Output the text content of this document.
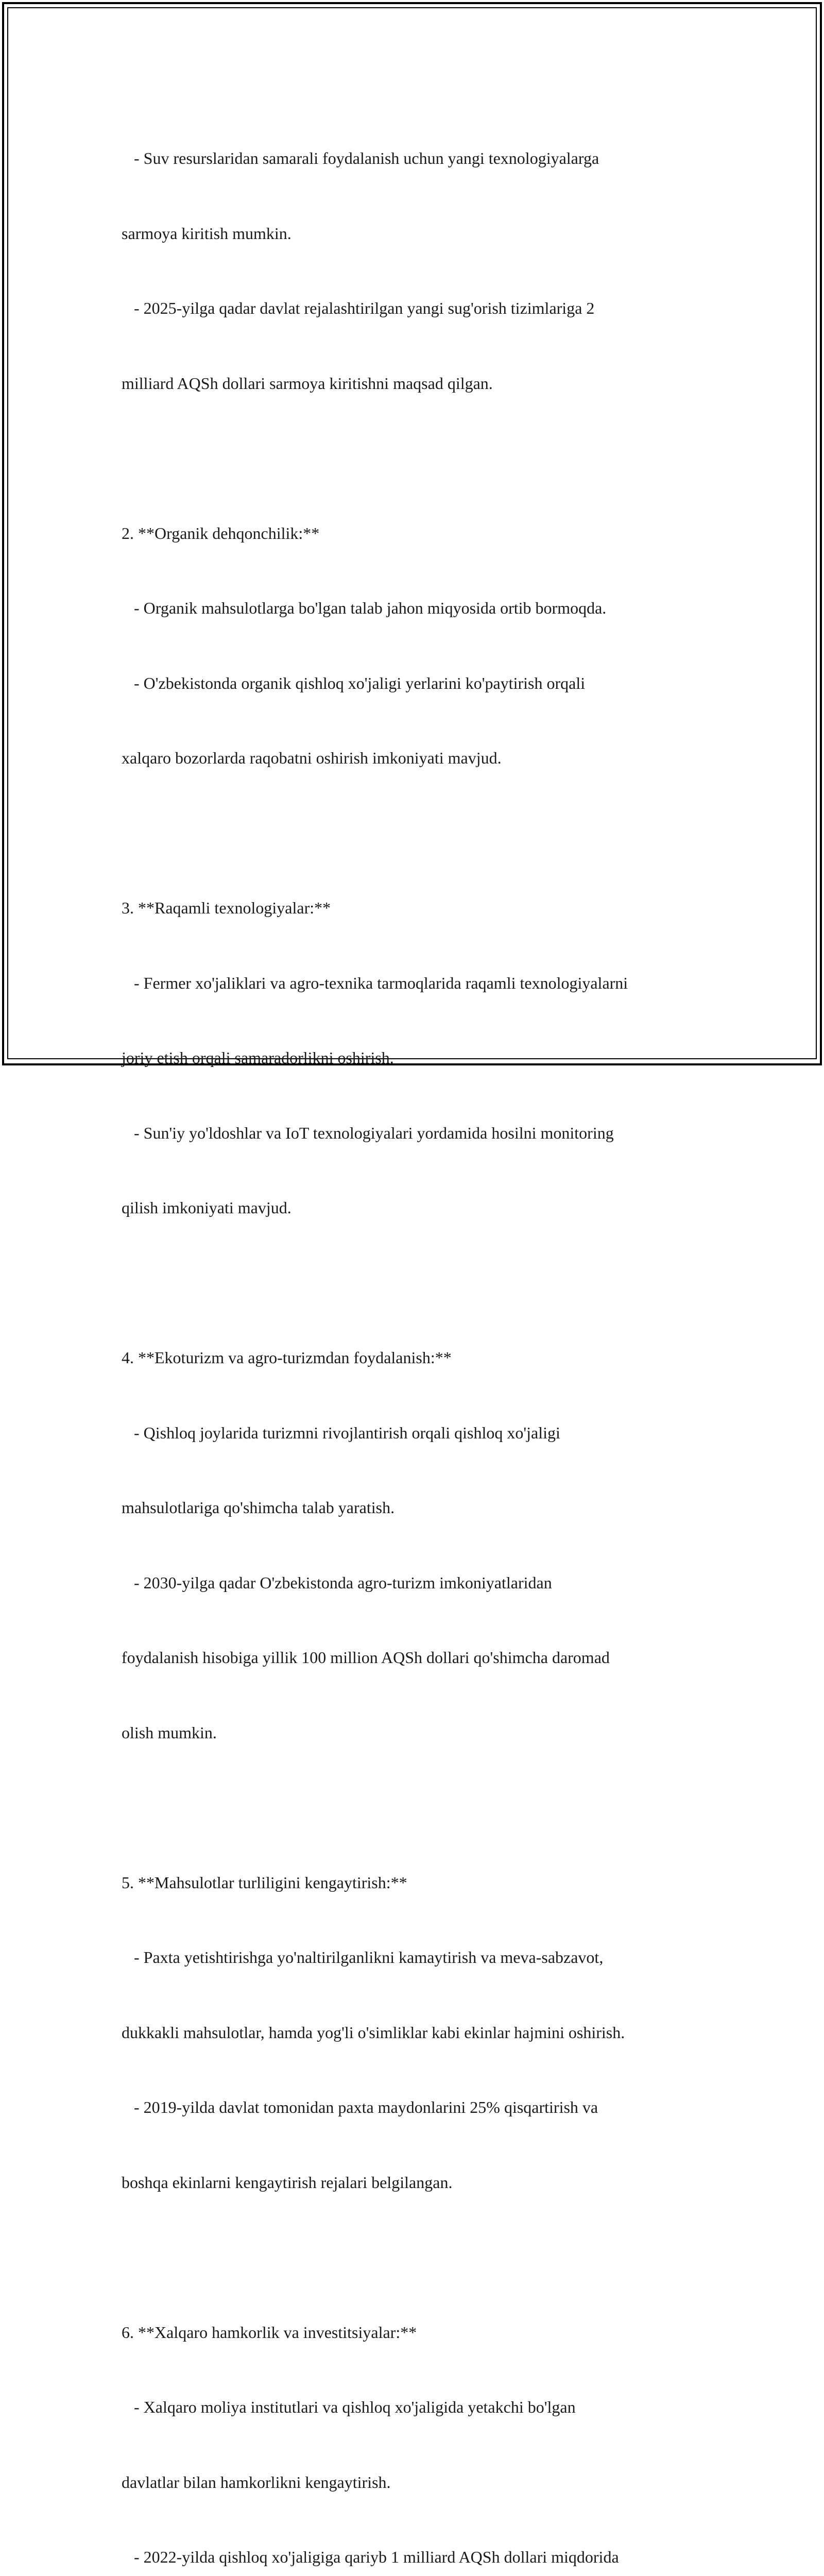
- Suv resurslaridan samarali foydalanish uchun yangi texnologiyalarga

sarmoya kiritish mumkin.

- 2025-yilga qadar davlat rejalashtirilgan yangi sug'orish tizimlariga 2

milliard AQSh dollari sarmoya kiritishni maqsad qilgan.

2. **Organik dehqonchilik:**

- Organik mahsulotlarga bo'lgan talab jahon miqyosida ortib bormoqda.

- O'zbekistonda organik qishloq xo'jaligi yerlarini ko'paytirish orqali

xalqaro bozorlarda raqobatni oshirish imkoniyati mavjud.

3. **Raqamli texnologiyalar:**

- Fermer xo'jaliklari va agro-texnika tarmoqlarida raqamli texnologiyalarni

joriy etish orqali samaradorlikni oshirish.

- Sun'iy yo'ldoshlar va IoT texnologiyalari yordamida hosilni monitoring

qilish imkoniyati mavjud.

4. **Ekoturizm va agro-turizmdan foydalanish:**

- Qishloq joylarida turizmni rivojlantirish orqali qishloq xo'jaligi

mahsulotlariga qo'shimcha talab yaratish.

- 2030-yilga qadar O'zbekistonda agro-turizm imkoniyatlaridan

foydalanish hisobiga yillik 100 million AQSh dollari qo'shimcha daromad

olish mumkin.

5. **Mahsulotlar turliligini kengaytirish:**

- Paxta yetishtirishga yo'naltirilganlikni kamaytirish va meva-sabzavot,

dukkakli mahsulotlar, hamda yog'li o'simliklar kabi ekinlar hajmini oshirish.

- 2019-yilda davlat tomonidan paxta maydonlarini 25% qisqartirish va

boshqa ekinlarni kengaytirish rejalari belgilangan.

6. **Xalqaro hamkorlik va investitsiyalar:**

- Xalqaro moliya institutlari va qishloq xo'jaligida yetakchi bo'lgan

davlatlar bilan hamkorlikni kengaytirish.

- 2022-yilda qishloq xo'jaligiga qariyb 1 milliard AQSh dollari miqdorida
